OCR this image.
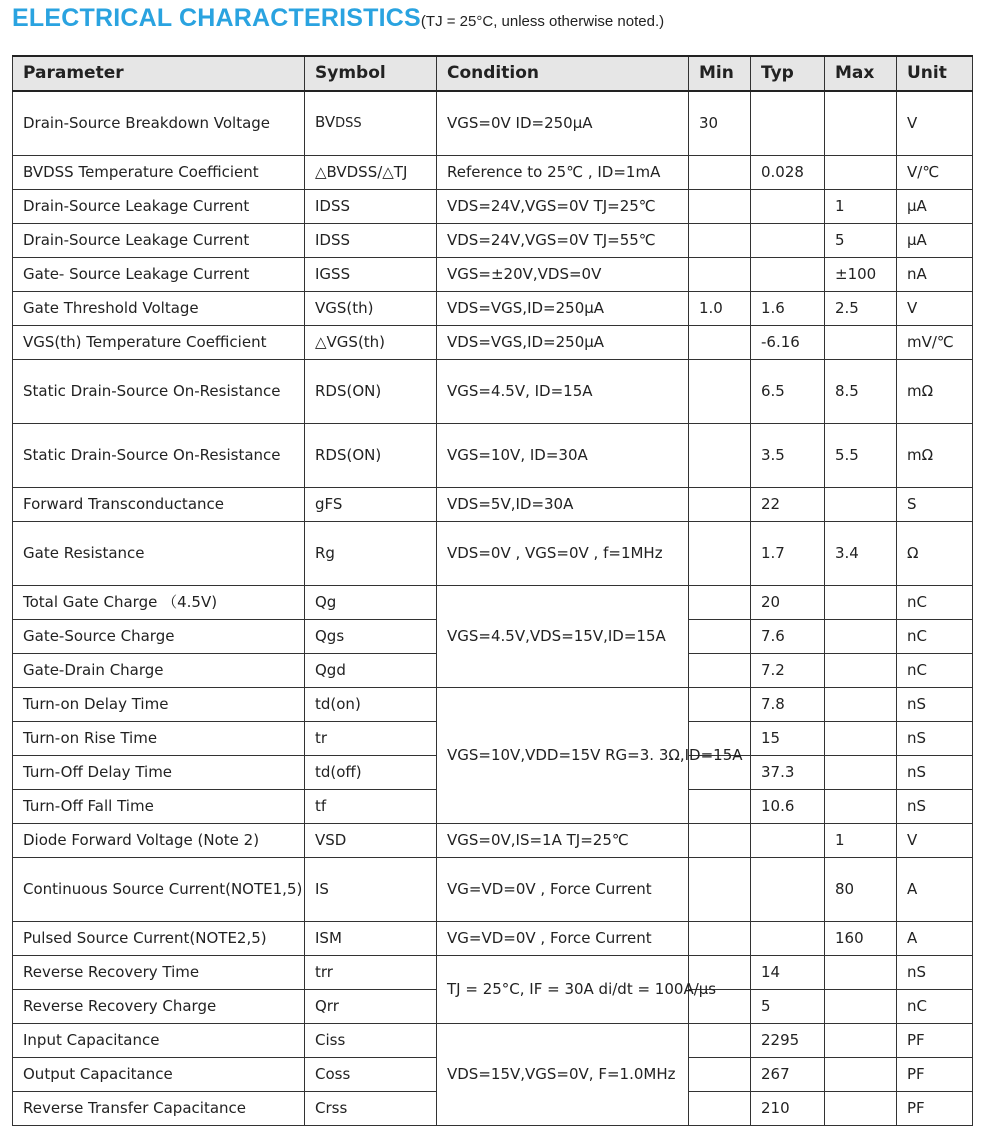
ELECTRICAL CHARACTERISTICS(TJ = 25°C, unless otherwise noted.)
Parameter	Symbol	Condition	Min	Typ	Max	Unit
Drain-Source Breakdown Voltage	BVDSS	VGS=0V ID=250μA	30			V
BVDSS Temperature Coefficient	△BVDSS/△TJ	Reference to 25℃ , ID=1mA		0.028		V/℃
Drain-Source Leakage Current	IDSS	VDS=24V,VGS=0V TJ=25℃			1	μA
Drain-Source Leakage Current	IDSS	VDS=24V,VGS=0V TJ=55℃			5	μA
Gate- Source Leakage Current	IGSS	VGS=±20V,VDS=0V			±100	nA
Gate Threshold Voltage	VGS(th)	VDS=VGS,ID=250μA	1.0	1.6	2.5	V
VGS(th) Temperature Coefficient	△VGS(th)	VDS=VGS,ID=250μA		-6.16		mV/℃
Static Drain-Source On-Resistance	RDS(ON)	VGS=4.5V, ID=15A		6.5	8.5	mΩ
Static Drain-Source On-Resistance	RDS(ON)	VGS=10V, ID=30A		3.5	5.5	mΩ
Forward Transconductance	gFS	VDS=5V,ID=30A		22		S
Gate Resistance	Rg	VDS=0V , VGS=0V , f=1MHz		1.7	3.4	Ω
Total Gate Charge （4.5V)	Qg	VGS=4.5V,VDS=15V,ID=15A		20		nC
Gate-Source Charge	Qgs			7.6		nC
Gate-Drain Charge	Qgd			7.2		nC
Turn-on Delay Time	td(on)	VGS=10V,VDD=15V RG=3. 3Ω,ID=15A		7.8		nS
Turn-on Rise Time	tr			15		nS
Turn-Off Delay Time	td(off)			37.3		nS
Turn-Off Fall Time	tf			10.6		nS
Diode Forward Voltage (Note 2)	VSD	VGS=0V,IS=1A TJ=25℃			1	V
Continuous Source Current(NOTE1,5)	IS	VG=VD=0V , Force Current			80	A
Pulsed Source Current(NOTE2,5)	ISM	VG=VD=0V , Force Current			160	A
Reverse Recovery Time	trr	TJ = 25°C, IF = 30A di/dt = 100A/μs		14		nS
Reverse Recovery Charge	Qrr			5		nC
Input Capacitance	Ciss	VDS=15V,VGS=0V, F=1.0MHz		2295		PF
Output Capacitance	Coss			267		PF
Reverse Transfer Capacitance	Crss			210		PF
